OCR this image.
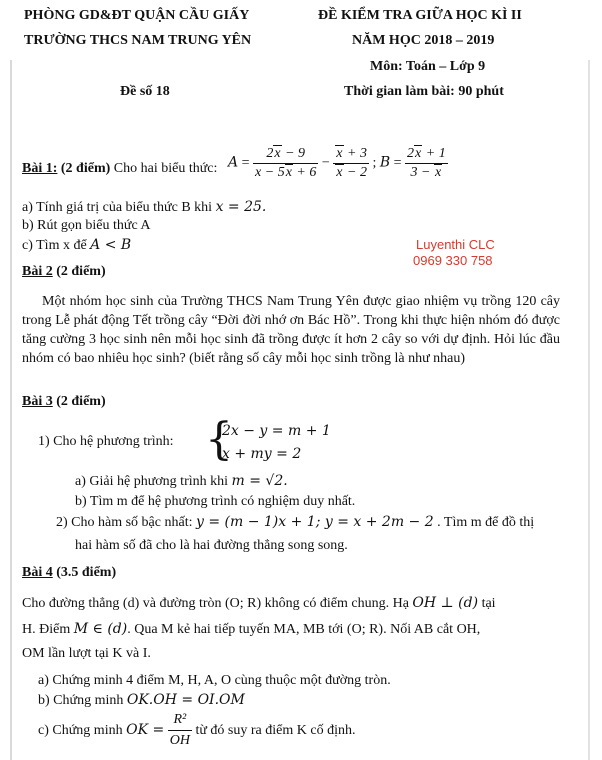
PHÒNG GD&ĐT QUẬN CẦU GIẤY
TRƯỜNG THCS NAM TRUNG YÊN
Đề số 18
ĐỀ KIỂM TRA GIỮA HỌC KÌ II
NĂM HỌC 2018 – 2019
Môn: Toán – Lớp 9
Thời gian làm bài: 90 phút
Bài 1: (2 điểm) Cho hai biểu thức: $A = \frac{2x - 9}{x - 5x + 6} - \frac{x + 3}{x - 2}$ ; $B = \frac{2x + 1}{3 - x}$
a) Tính giá trị của biểu thức B khi x = 25.
b) Rút gọn biểu thức A
c) Tìm x để A < B	Luyenthi CLC
0969 330 758
Bài 2 (2 điểm)
Một nhóm học sinh của Trường THCS Nam Trung Yên được giao nhiệm vụ trồng 120 cây trong Lễ phát động Tết trồng cây “Đời đời nhớ ơn Bác Hồ”. Trong khi thực hiện nhóm đó được tăng cường 3 học sinh nên mỗi học sinh đã trồng được ít hơn 2 cây so với dự định. Hỏi lúc đầu nhóm có bao nhiêu học sinh? (biết rằng số cây mỗi học sinh trồng là như nhau)
Bài 3 (2 điểm)
1) Cho hệ phương trình: {
2x − y = m + 1
x + my = 2
a) Giải hệ phương trình khi m = √2.
b) Tìm m để hệ phương trình có nghiệm duy nhất.
2) Cho hàm số bậc nhất: y = (m − 1)x + 1; y = x + 2m − 2 . Tìm m để đồ thị
hai hàm số đã cho là hai đường thẳng song song.
Bài 4 (3.5 điểm)
Cho đường thẳng (d) và đường tròn (O; R) không có điểm chung. Hạ OH ⊥ (d) tại
H. Điểm M ∈ (d). Qua M kẻ hai tiếp tuyến MA, MB tới (O; R). Nối AB cắt OH,
OM lần lượt tại K và I.
a) Chứng minh 4 điểm M, H, A, O cùng thuộc một đường tròn.
b) Chứng minh OK.OH = OI.OM
c) Chứng minh OK = $\frac{\text{R²}}{OH}$ từ đó suy ra điểm K cố định.
